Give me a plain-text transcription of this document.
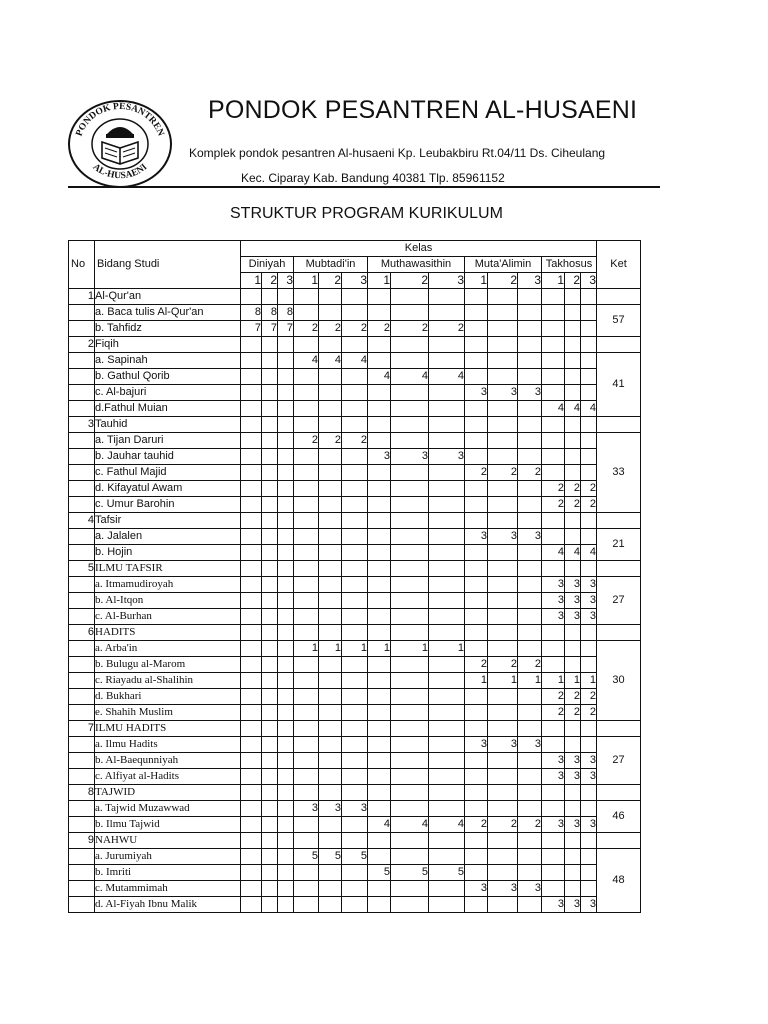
PONDOK PESANTREN
AL-HUSAENI
PONDOK PESANTREN AL-HUSAENI
Komplek pondok pesantren Al-husaeni Kp. Leubakbiru Rt.04/11 Ds. Ciheulang
Kec. Ciparay Kab. Bandung 40381 Tlp. 85961152
STRUKTUR PROGRAM KURIKULUM
No	Bidang Studi	Kelas															Ket
		Diniyah			Mubtadi'in			Muthawasithin			Muta'Alimin			Takhosus			
		1	2	3	1	2	3	1	2	3	1	2	3	1	2	3	
1	Al-Qur'an																
	a. Baca tulis Al-Qur'an	8	8	8													57
	b. Tahfidz	7	7	7	2	2	2	2	2	2							
2	Fiqih																
	a. Sapinah				4	4	4										41
	b. Gathul Qorib							4	4	4							
	c. Al-bajuri										3	3	3				
	d.Fathul Muian													4	4	4	
3	Tauhid																
	a. Tijan Daruri				2	2	2										33
	b. Jauhar tauhid							3	3	3							
	c. Fathul Majid										2	2	2				
	d. Kifayatul Awam													2	2	2	
	c. Umur Barohin													2	2	2	
4	Tafsir																
	a. Jalalen										3	3	3				21
	b. Hojin													4	4	4	
5	ILMU TAFSIR																
	a. Itmamudiroyah													3	3	3	27
	b. Al-Itqon													3	3	3	
	c. Al-Burhan													3	3	3	
6	HADITS																
	a. Arba'in				1	1	1	1	1	1							30
	b. Bulugu al-Marom										2	2	2				
	c. Riayadu al-Shalihin										1	1	1	1	1	1	
	d. Bukhari													2	2	2	
	e. Shahih Muslim													2	2	2	
7	ILMU HADITS																
	a. Ilmu Hadits										3	3	3				27
	b. Al-Baequnniyah													3	3	3	
	c. Alfiyat al-Hadits													3	3	3	
8	TAJWID																
	a. Tajwid Muzawwad				3	3	3										46
	b. Ilmu Tajwid							4	4	4	2	2	2	3	3	3	
9	NAHWU																
	a. Jurumiyah				5	5	5										48
	b. Imriti							5	5	5							
	c. Mutammimah										3	3	3				
	d. Al-Fiyah Ibnu Malik													3	3	3	
